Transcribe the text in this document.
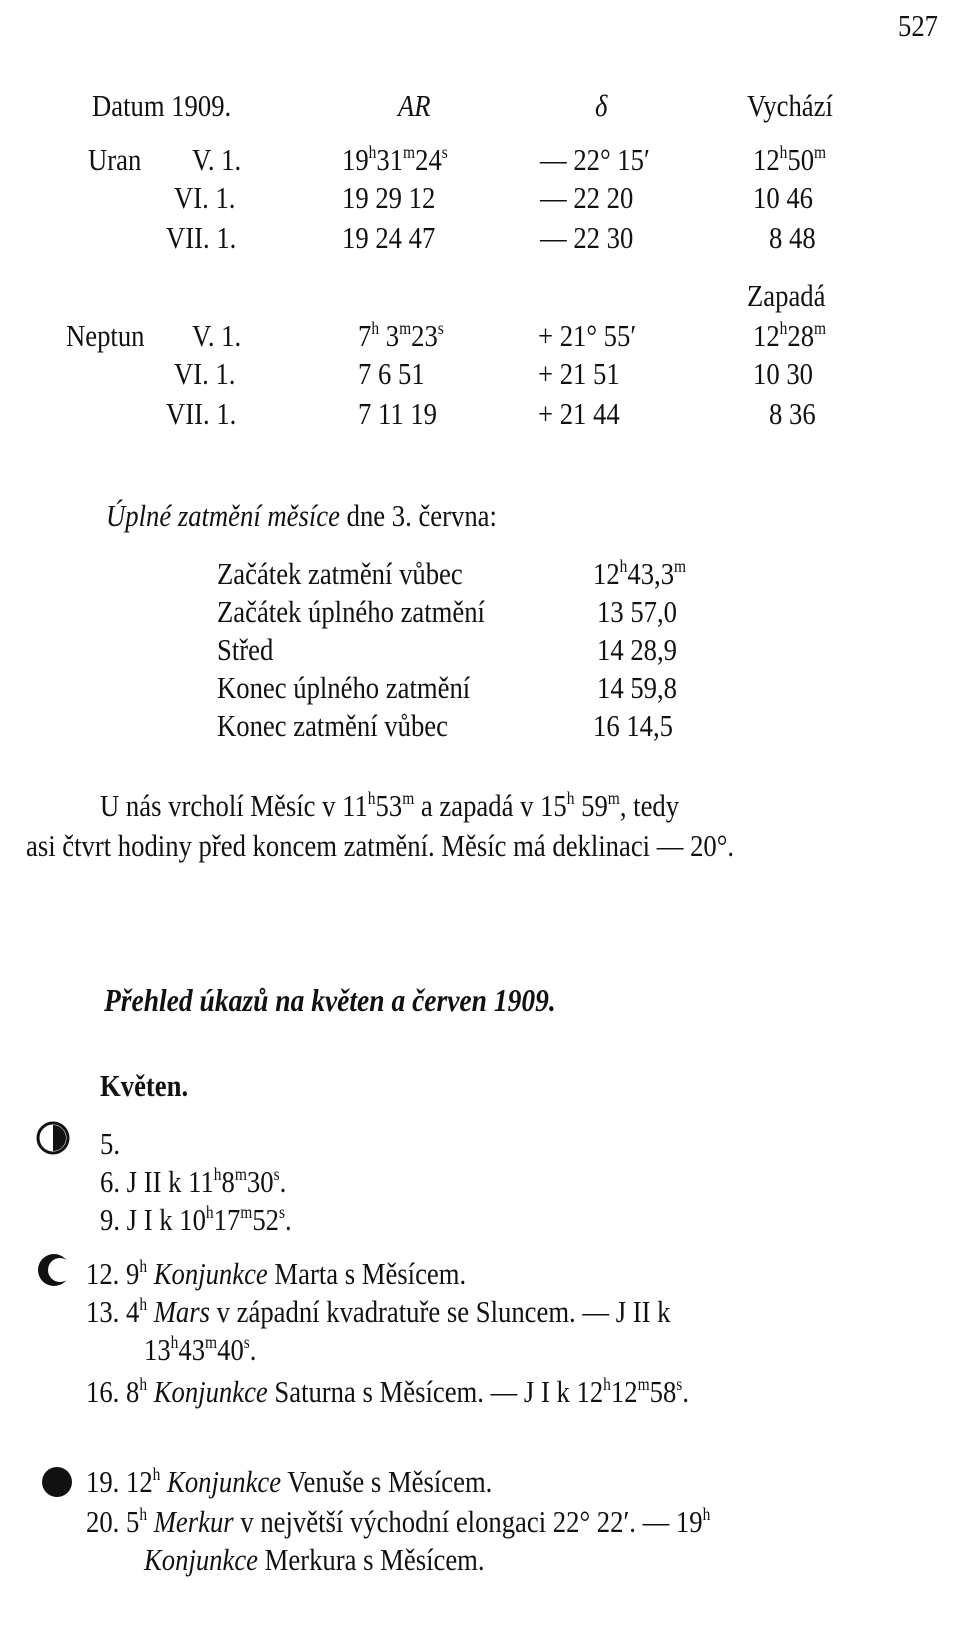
527
Datum 1909.	AR	δ	Vychází
Uran V. 1.	19$^h$31$^m$24$^s$	— 22° 15′	12$^h$50$^m$
VI. 1.	19 29 12	— 22 20	10 46
VII. 1.	19 24 47	— 22 30	8 48
Zapadá
Neptun V. 1.	7$^h$ $3^m23^s$	+ 21° 55′	12$^h$28$^m$
VI. 1.	7 6 51	+ 21 51	10 30
VII. 1.	7 11 19	+ 21 44	8 36
Úplné zatmění měsíce dne 3. června:
Začátek zatmění vůbec	12$^h$43,3$^m$
Začátek úplného zatmění	13 57,0
Střed	14 28,9
Konec úplného zatmění	14 59,8
Konec zatmění vůbec	16 14,5
U nás vrcholí Měsíc v 11$^h$53$^m$ a zapadá v 15$^h$ 59$^m$, tedy
asi čtvrt hodiny před koncem zatmění. Měsíc má deklinaci — 20°.
Přehled úkazů na květen a červen 1909.
Květen.
5.
6. J II k 11$^h$8$^m$30$^s$.
9. J I k 10$^h$17$^m$52$^s$.
12. 9$^h$ Konjunkce Marta s Měsícem.
13. 4$^h$ Mars v západní kvadratuře se Sluncem. — J II k
13$^h$43$^m$40$^s$.
16. 8$^h$ Konjunkce Saturna s Měsícem. — J I k 12$^h$12$^m$58$^s$.
19. 12$^h$ Konjunkce Venuše s Měsícem.
20. 5$^h$ Merkur v největší východní elongaci 22° 22′. — 19$^h$
Konjunkce Merkura s Měsícem.
